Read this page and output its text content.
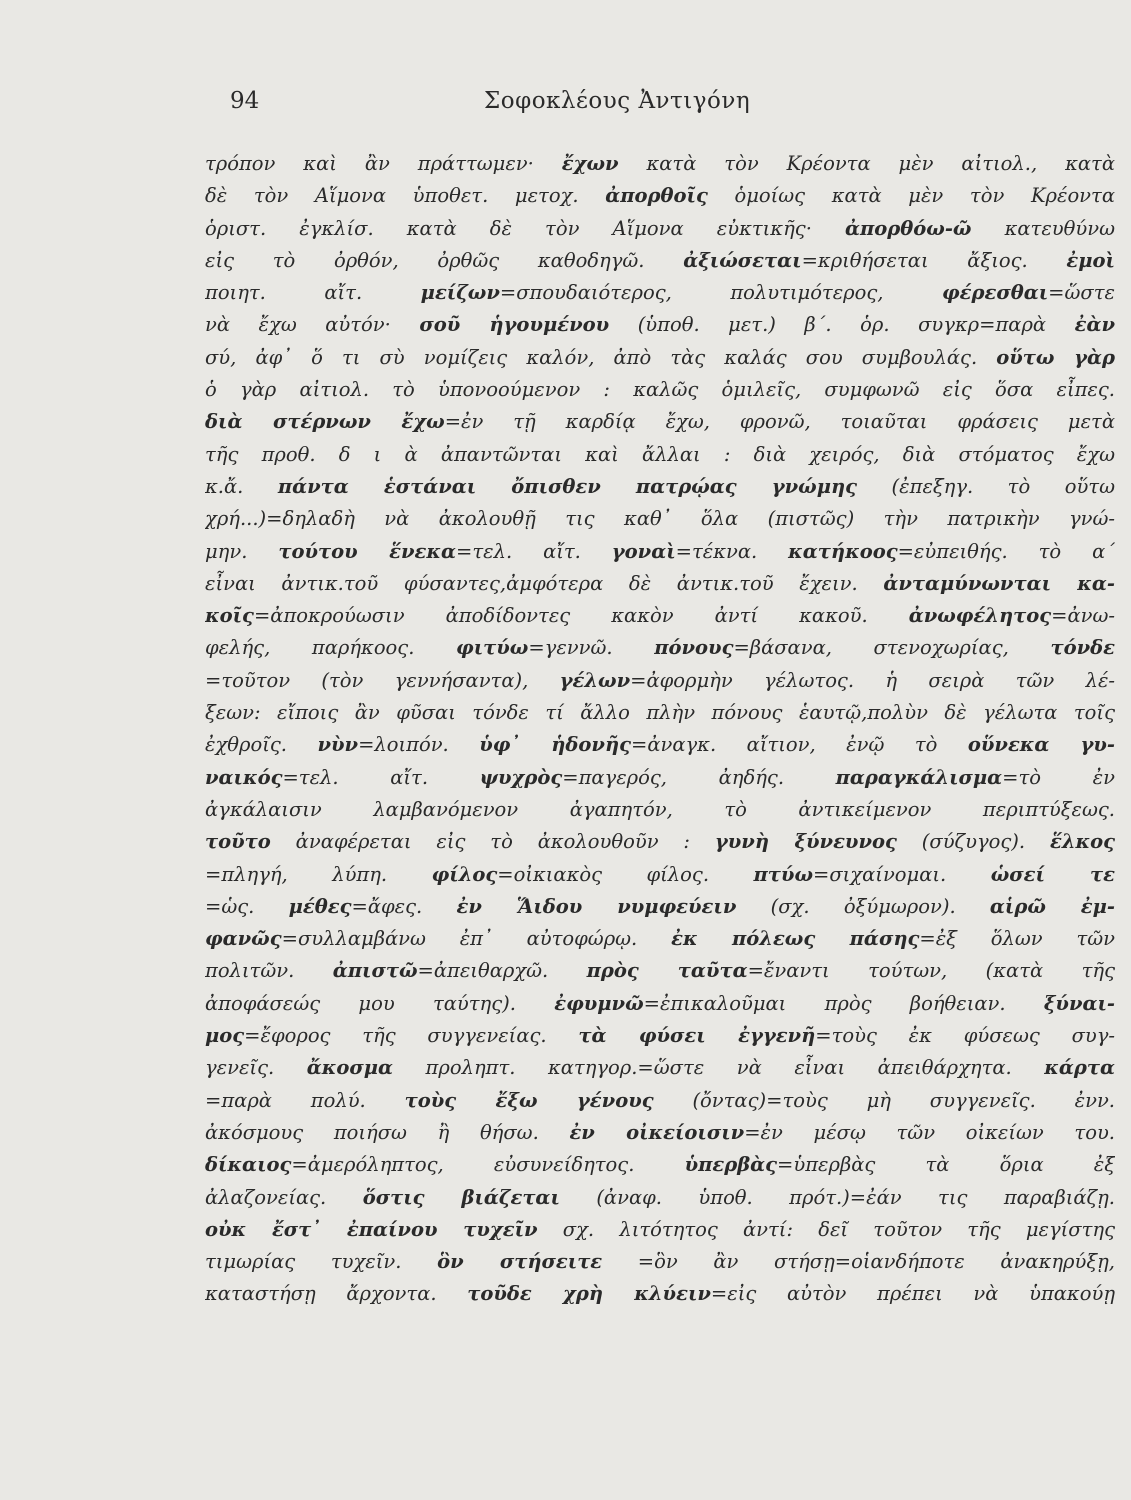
94	Σοφοκλέους Ἀντιγόνη
τρόπον καὶ ἂν πράττωμεν· ἔχων κατὰ τὸν Κρέοντα μὲν αἰτιολ., κατὰ
δὲ τὸν Αἵμονα ὑποθετ. μετοχ. ἀπορθοῖς ὁμοίως κατὰ μὲν τὸν Κρέοντα
ὁριστ. ἐγκλίσ. κατὰ δὲ τὸν Αἵμονα εὐκτικῆς· ἀπορθόω-ῶ κατευθύνω
εἰς τὸ ὀρθόν, ὀρθῶς καθοδηγῶ. ἀξιώσεται=κριθήσεται ἄξιος. ἐμοὶ
ποιητ. αἴτ. μείζων=σπουδαιότερος, πολυτιμότερος, φέρεσθαι=ὥστε
νὰ ἔχω αὐτόν· σοῦ ἡγουμένου (ὑποθ. μετ.) β΄. ὁρ. συγκρ=παρὰ ἐὰν
σύ, ἀφ᾽ ὅ τι σὺ νομίζεις καλόν, ἀπὸ τὰς καλάς σου συμβουλάς. οὕτω γὰρ
ὁ γὰρ αἰτιολ. τὸ ὑπονοούμενον : καλῶς ὁμιλεῖς, συμφωνῶ εἰς ὅσα εἶπες.
διὰ στέρνων ἔχω=ἐν τῇ καρδίᾳ ἔχω, φρονῶ, τοιαῦται φράσεις μετὰ
τῆς προθ. δ ι ὰ ἀπαντῶνται καὶ ἄλλαι : διὰ χειρός, διὰ στόματος ἔχω
κ.ἄ. πάντα ἑστάναι ὄπισθεν πατρῴας γνώμης (ἐπεξηγ. τὸ οὕτω
χρή...)=δηλαδὴ νὰ ἀκολουθῇ τις καθ᾽ ὅλα (πιστῶς) τὴν πατρικὴν γνώ-
μην. τούτου ἕνεκα=τελ. αἴτ. γοναὶ=τέκνα. κατήκοος=εὐπειθής. τὸ α΄
εἶναι ἀντικ.τοῦ φύσαντες,ἀμφότερα δὲ ἀντικ.τοῦ ἔχειν. ἀνταμύνωνται κα-
κοῖς=ἀποκρούωσιν ἀποδίδοντες κακὸν ἀντί κακοῦ. ἀνωφέλητος=ἀνω-
φελής, παρήκοος. φιτύω=γεννῶ. πόνους=βάσανα, στενοχωρίας, τόνδε
=τοῦτον (τὸν γεννήσαντα), γέλων=ἀφορμὴν γέλωτος. ἡ σειρὰ τῶν λέ-
ξεων: εἴποις ἂν φῦσαι τόνδε τί ἄλλο πλὴν πόνους ἑαυτῷ,πολὺν δὲ γέλωτα τοῖς
ἐχθροῖς. νὺν=λοιπόν. ὑφ᾽ ἡδονῆς=ἀναγκ. αἴτιον, ἐνῷ τὸ οὕνεκα γυ-
ναικός=τελ. αἴτ. ψυχρὸς=παγερός, ἀηδής. παραγκάλισμα=τὸ ἐν
ἀγκάλαισιν λαμβανόμενον ἀγαπητόν, τὸ ἀντικείμενον περιπτύξεως.
τοῦτο ἀναφέρεται εἰς τὸ ἀκολουθοῦν : γυνὴ ξύνευνος (σύζυγος). ἕλκος
=πληγή, λύπη. φίλος=οἰκιακὸς φίλος. πτύω=σιχαίνομαι. ὡσεί τε
=ὡς. μέθες=ἄφες. ἐν Ἅιδου νυμφεύειν (σχ. ὀξύμωρον). αἱρῶ ἐμ-
φανῶς=συλλαμβάνω ἐπ᾽ αὐτοφώρῳ. ἐκ πόλεως πάσης=ἐξ ὅλων τῶν
πολιτῶν. ἀπιστῶ=ἀπειθαρχῶ. πρὸς ταῦτα=ἔναντι τούτων, (κατὰ τῆς
ἀποφάσεώς μου ταύτης). ἐφυμνῶ=ἐπικαλοῦμαι πρὸς βοήθειαν. ξύναι-
μος=ἔφορος τῆς συγγενείας. τὰ φύσει ἐγγενῆ=τοὺς ἐκ φύσεως συγ-
γενεῖς. ἄκοσμα προληπτ. κατηγορ.=ὥστε νὰ εἶναι ἀπειθάρχητα. κάρτα
=παρὰ πολύ. τοὺς ἔξω γένους (ὄντας)=τοὺς μὴ συγγενεῖς. ἐνν.
ἀκόσμους ποιήσω ἢ θήσω. ἐν οἰκείοισιν=ἐν μέσῳ τῶν οἰκείων του.
δίκαιος=ἀμερόληπτος, εὐσυνείδητος. ὑπερβὰς=ὑπερβὰς τὰ ὅρια ἐξ
ἀλαζονείας. ὅστις βιάζεται (ἀναφ. ὑποθ. πρότ.)=ἐάν τις παραβιάζῃ.
οὐκ ἔστ᾽ ἐπαίνου τυχεῖν σχ. λιτότητος ἀντί: δεῖ τοῦτον τῆς μεγίστης
τιμωρίας τυχεῖν. ὃν στήσειτε =ὃν ἂν στήσῃ=οἱανδήποτε ἀνακηρύξῃ,
καταστήσῃ ἄρχοντα. τοῦδε χρὴ κλύειν=εἰς αὐτὸν πρέπει νὰ ὑπακούῃ
